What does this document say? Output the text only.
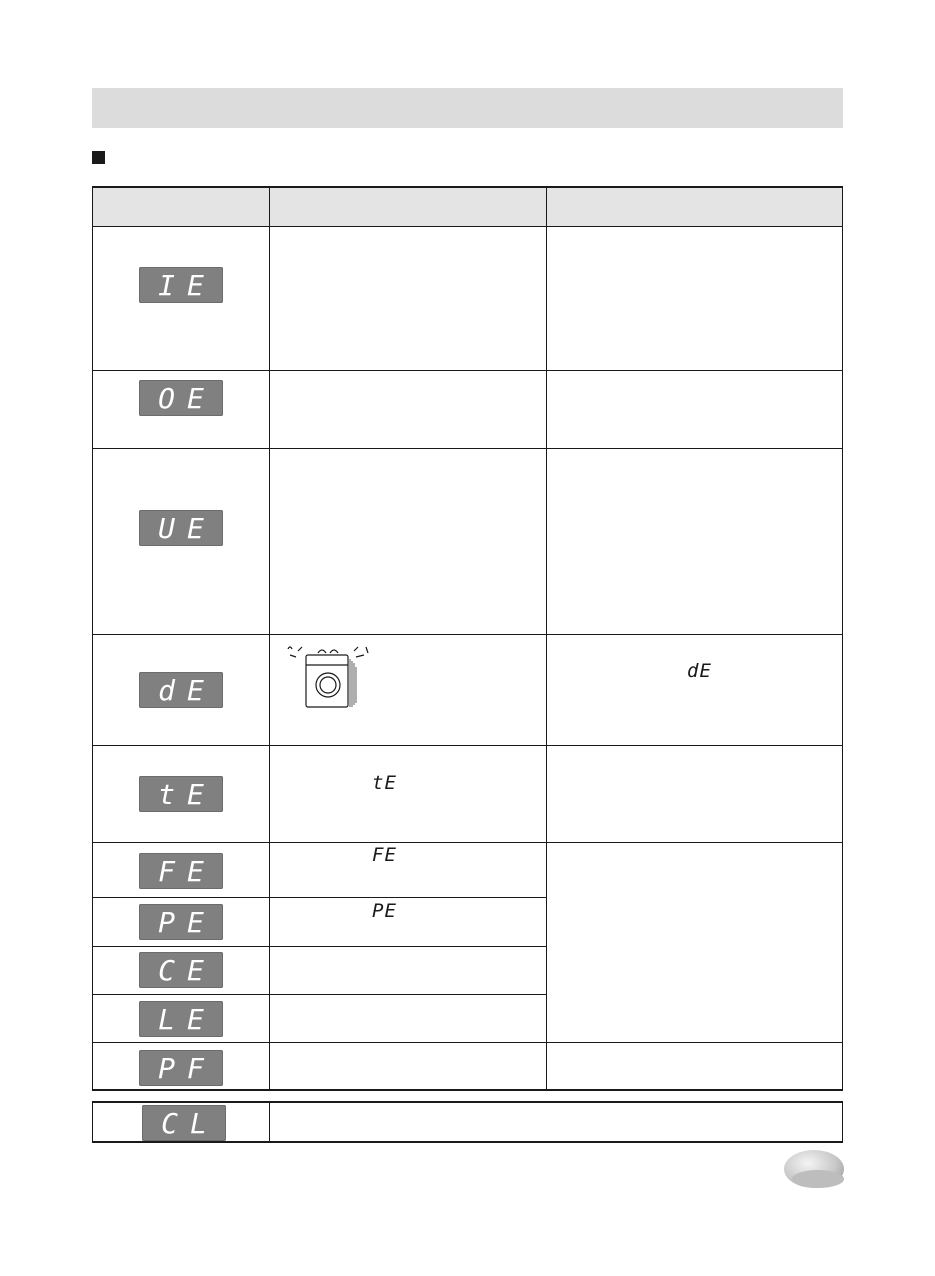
IE
OE
UE
dE
tE
FE
PE
CE
LE
PF
dE
tE
FE
PE
CL
